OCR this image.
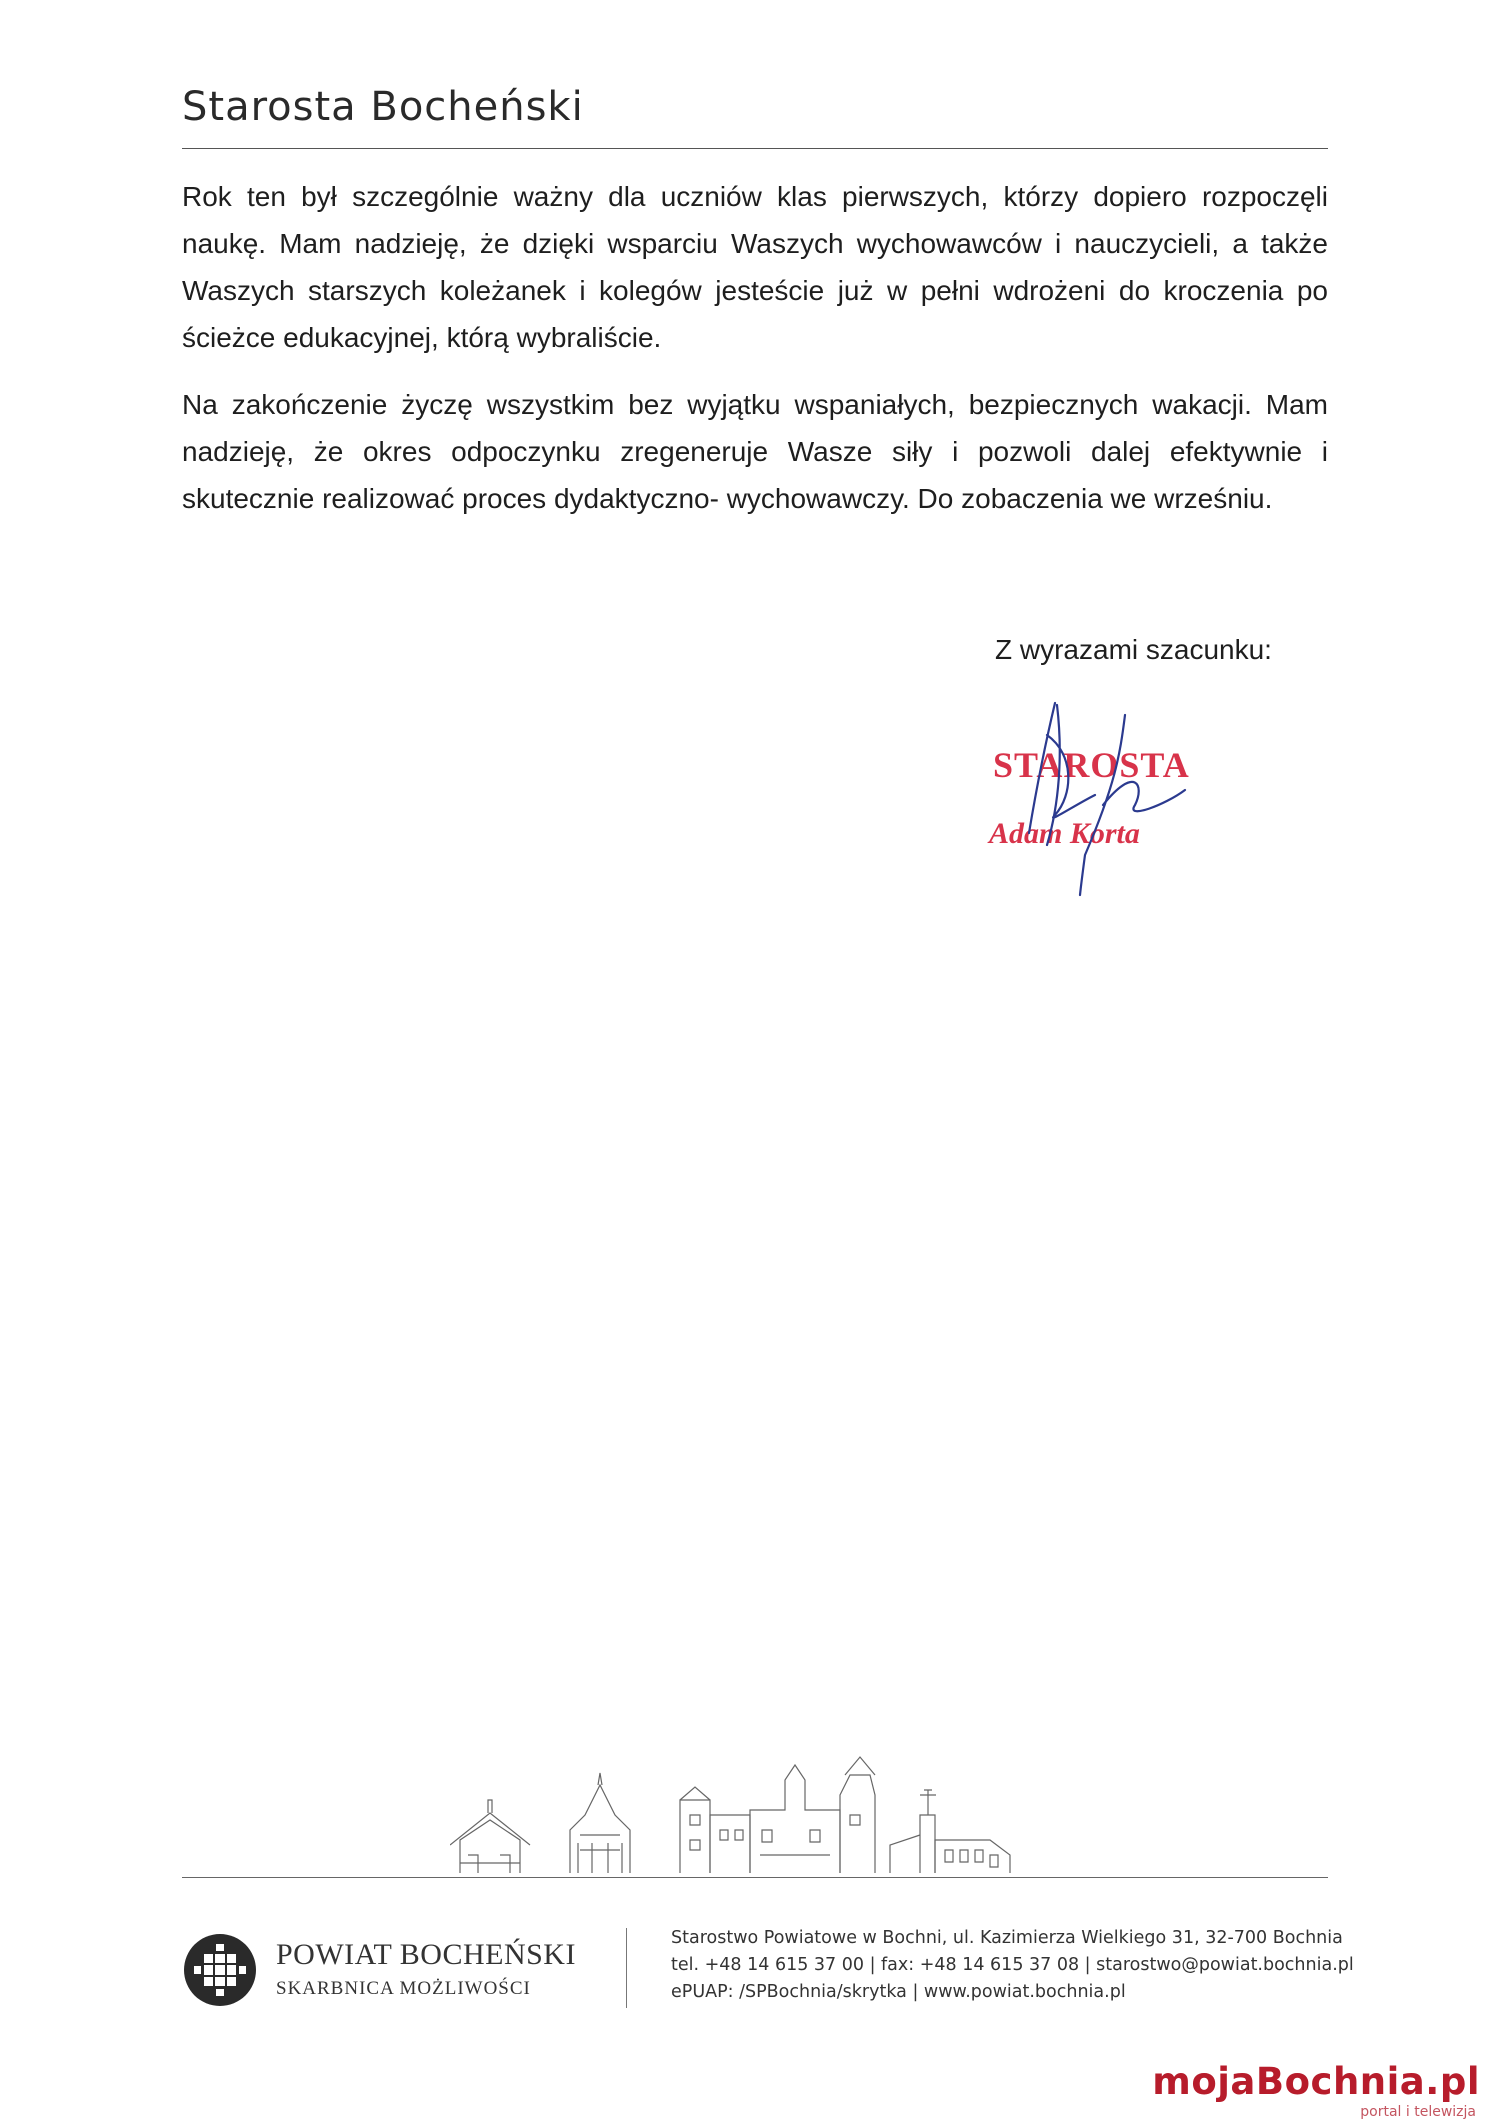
Starosta Bocheński

Rok ten był szczególnie ważny dla uczniów klas pierwszych, którzy dopiero rozpoczęli naukę. Mam nadzieję, że dzięki wsparciu Waszych wychowawców i nauczycieli, a także Waszych starszych koleżanek i kolegów jesteście już w pełni wdrożeni do kroczenia po ścieżce edukacyjnej, którą wybraliście.

Na zakończenie życzę wszystkim bez wyjątku wspaniałych, bezpiecznych wakacji. Mam nadzieję, że okres odpoczynku zregeneruje Wasze siły i pozwoli dalej efektywnie i skutecznie realizować proces dydaktyczno- wychowawczy. Do zobaczenia we wrześniu.

Z wyrazami szacunku:
STAROSTA
Adam Korta
POWIAT BOCHEŃSKI
SKARBNICA MOŻLIWOŚCI
Starostwo Powiatowe w Bochni, ul. Kazimierza Wielkiego 31, 32-700 Bochnia
tel. +48 14 615 37 00 | fax: +48 14 615 37 08 | starostwo@powiat.bochnia.pl
ePUAP: /SPBochnia/skrytka | www.powiat.bochnia.pl
mojaBochnia.pl
portal i telewizja
